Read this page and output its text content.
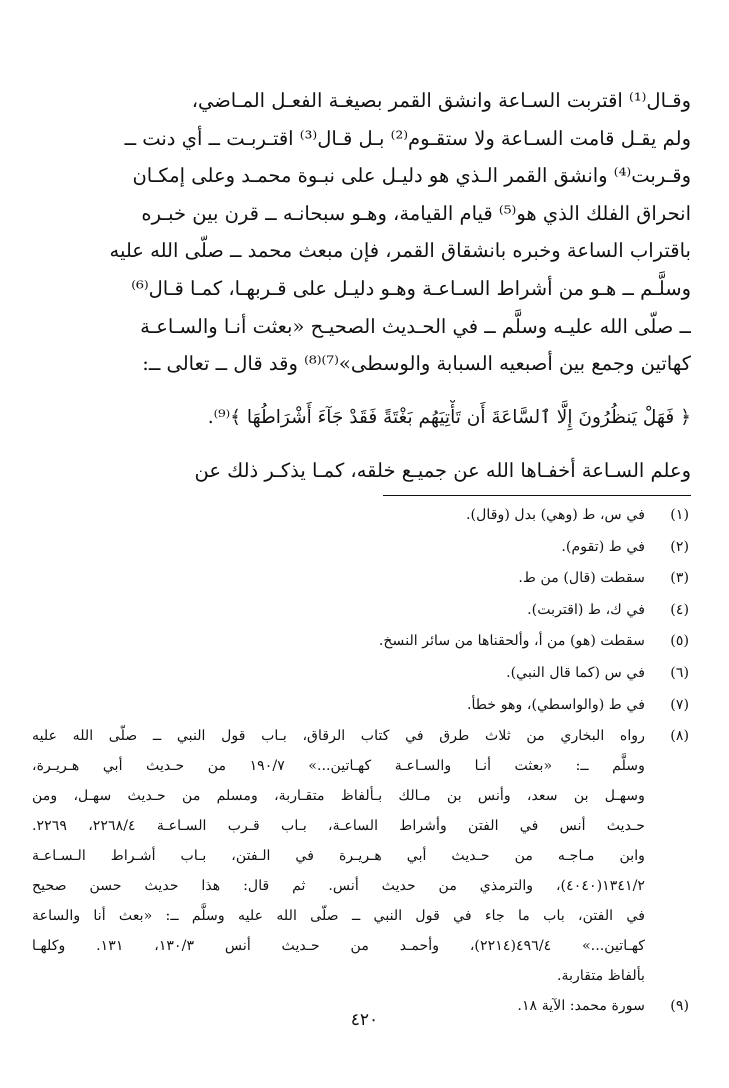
وقـال⁽¹⁾ اقتربت السـاعة وانشق القمر بصيغـة الفعـل المـاضي،
ولم يقـل قامت السـاعة ولا ستقـوم⁽²⁾ بـل قـال⁽³⁾ اقتـربـت ــ أي دنت ــ
وقـربت⁽⁴⁾ وانشق القمر الـذي هو دليـل على نبـوة محمـد وعلى إمكـان
انحراق الفلك الذي هو⁽⁵⁾ قيام القيامة، وهـو سبحانـه ــ قرن بين خبـره
باقتراب الساعة وخبره بانشقاق القمر، فإن مبعث محمد ــ صلّى الله عليه
وسلَّـم ــ هـو من أشراط السـاعـة وهـو دليـل على قـربهـا، كمـا قـال⁽⁶⁾
ــ صلّى الله عليـه وسلَّم ــ في الحـديث الصحيـح «بعثت أنـا والسـاعـة
كهاتين وجمع بين أصبعيه السبابة والوسطى»⁽⁷⁾⁽⁸⁾ وقد قال ــ تعالى ــ:
﴿ فَهَلْ يَنظُرُونَ إِلَّا ٱلسَّاعَةَ أَن تَأْتِيَهُم بَغْتَةً فَقَدْ جَآءَ أَشْرَاطُهَا ﴾⁽⁹⁾.
وعلم السـاعة أخفـاها الله عن جميـع خلقه، كمـا يذكـر ذلك عن
(١)
في س، ط (وهي) بدل (وقال).
(٢)
في ط (تقوم).
(٣)
سقطت (قال) من ط.
(٤)
في ك، ط (اقتربت).
(٥)
سقطت (هو) من أ، وألحقناها من سائر النسخ.
(٦)
في س (كما قال النبي).
(٧)
في ط (والواسطي)، وهو خطأ.
(٨)
رواه البخاري من ثلاث طرق في كتاب الرقاق، بـاب قول النبي ــ صلّى الله عليه
وسلَّم ــ: «بعثت أنـا والسـاعـة كهـاتين...» ١٩٠/٧ من حـديث أبي هـريـرة،
وسهـل بن سعد، وأنس بن مـالك بـألفاظ متقـاربة، ومسلم من حـديث سهـل، ومن
حـديث أنس في الفتن وأشراط الساعـة، بـاب قـرب السـاعـة ٢٢٦٨/٤، ٢٢٦٩.
وابن مـاجـه من حـديث أبي هـريـرة في الـفتن، بـاب أشـراط الـسـاعـة
١٣٤١/٢(٤٠٤٠)، والترمذي من حديث أنس. ثم قال: هذا حديث حسن صحيح
في الفتن، باب ما جاء في قول النبي ــ صلّى الله عليه وسلَّم ــ: «بعث أنا والساعة
كهـاتين...» ٤٩٦/٤(٢٢١٤)، وأحمـد من حـديث أنس ١٣٠/٣، ١٣١. وكلهـا
بألفاظ متقاربة.
(٩)
سورة محمد: الآية ١٨.
٤٢٠
